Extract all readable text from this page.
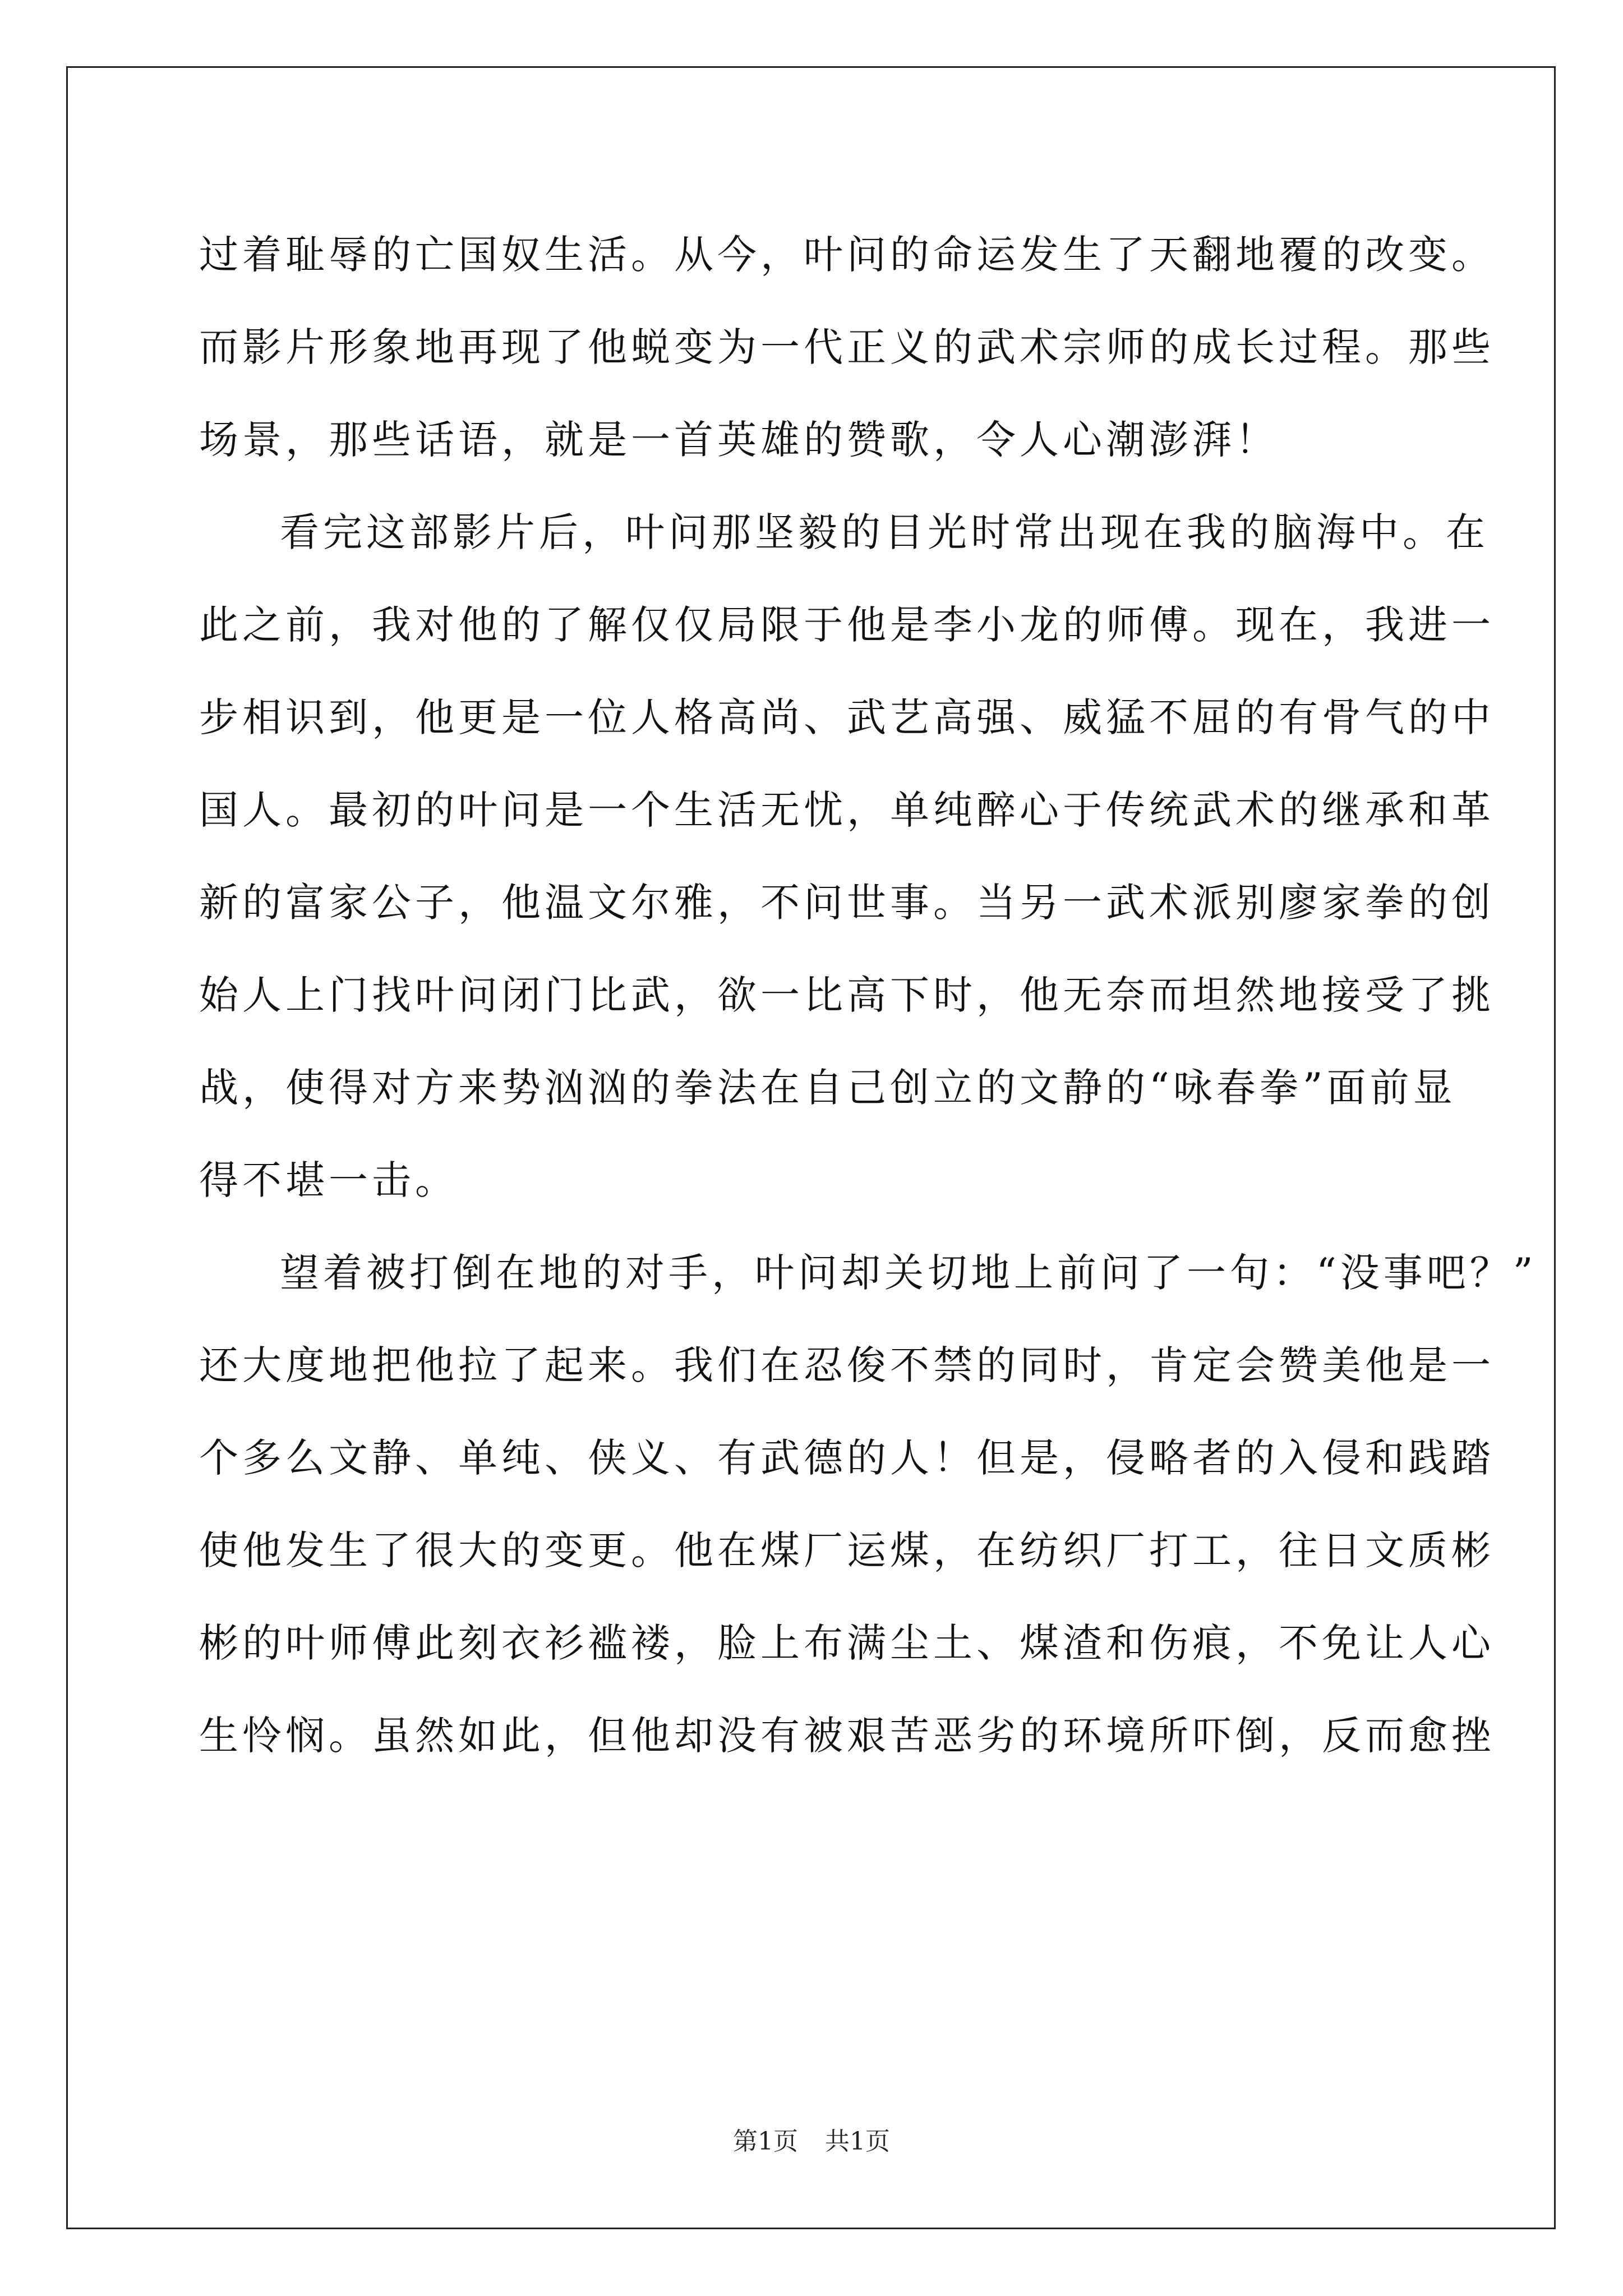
过着耻辱的亡国奴生活。从今，叶问的命运发生了天翻地覆的改变。
而影片形象地再现了他蜕变为一代正义的武术宗师的成长过程。那些
场景，那些话语，就是一首英雄的赞歌，令人心潮澎湃！
看完这部影片后，叶问那坚毅的目光时常出现在我的脑海中。在
此之前，我对他的了解仅仅局限于他是李小龙的师傅。现在，我进一
步相识到，他更是一位人格高尚、武艺高强、威猛不屈的有骨气的中
国人。最初的叶问是一个生活无忧，单纯醉心于传统武术的继承和革
新的富家公子，他温文尔雅，不问世事。当另一武术派别廖家拳的创
始人上门找叶问闭门比武，欲一比高下时，他无奈而坦然地接受了挑
战，使得对方来势汹汹的拳法在自己创立的文静的“咏春拳”面前显
得不堪一击。
望着被打倒在地的对手，叶问却关切地上前问了一句：“没事吧？”
还大度地把他拉了起来。我们在忍俊不禁的同时，肯定会赞美他是一
个多么文静、单纯、侠义、有武德的人！但是，侵略者的入侵和践踏
使他发生了很大的变更。他在煤厂运煤，在纺织厂打工，往日文质彬
彬的叶师傅此刻衣衫褴褛，脸上布满尘土、煤渣和伤痕，不免让人心
生怜悯。虽然如此，但他却没有被艰苦恶劣的环境所吓倒，反而愈挫
第1页 共1页
